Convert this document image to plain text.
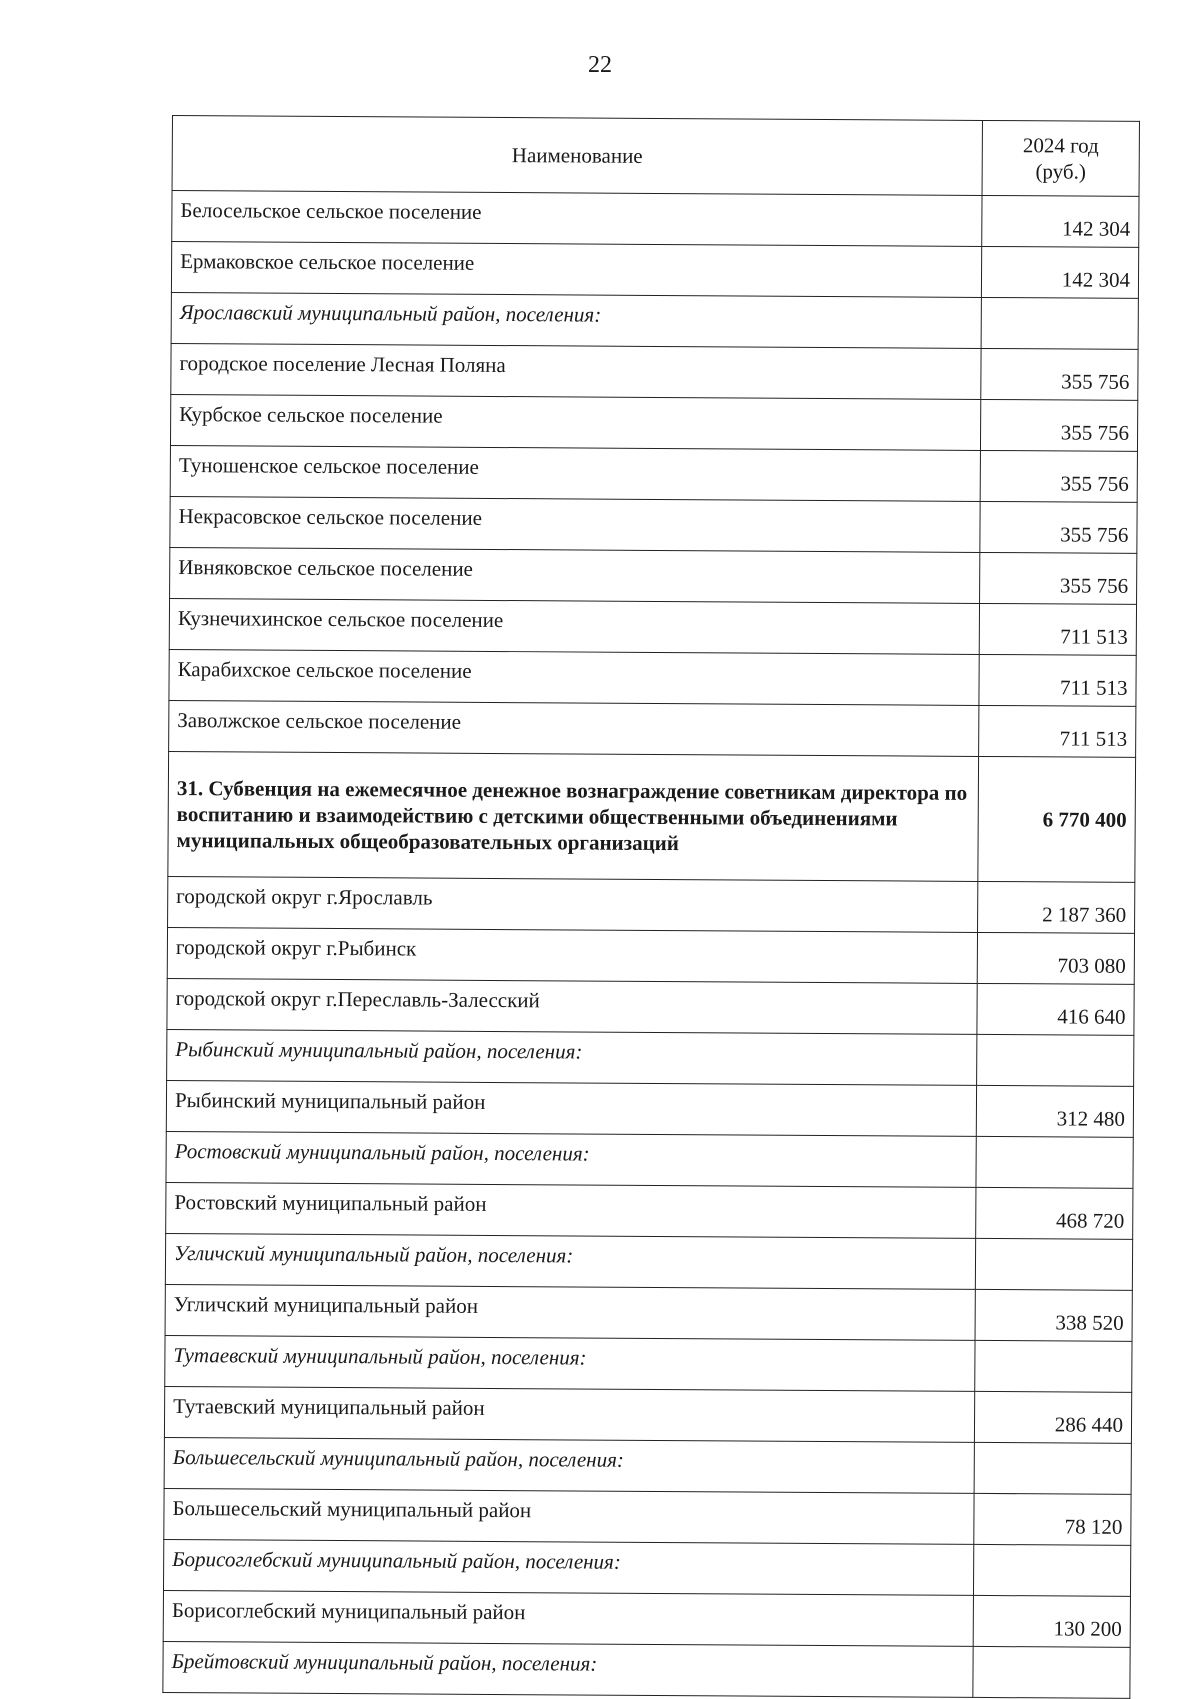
22
Наименование	2024 год
(руб.)
Белосельское сельское поселение	142 304
Ермаковское сельское поселение	142 304
Ярославский муниципальный район, поселения:	
городское поселение Лесная Поляна	355 756
Курбское сельское поселение	355 756
Туношенское сельское поселение	355 756
Некрасовское сельское поселение	355 756
Ивняковское сельское поселение	355 756
Кузнечихинское сельское поселение	711 513
Карабихское сельское поселение	711 513
Заволжское сельское поселение	711 513
31. Субвенция на ежемесячное денежное вознаграждение советникам директора по воспитанию и взаимодействию с детскими общественными объединениями муниципальных общеобразовательных организаций	6 770 400
городской округ г.Ярославль	2 187 360
городской округ г.Рыбинск	703 080
городской округ г.Переславль-Залесский	416 640
Рыбинский муниципальный район, поселения:	
Рыбинский муниципальный район	312 480
Ростовский муниципальный район, поселения:	
Ростовский муниципальный район	468 720
Угличский муниципальный район, поселения:	
Угличский муниципальный район	338 520
Тутаевский муниципальный район, поселения:	
Тутаевский муниципальный район	286 440
Большесельский муниципальный район, поселения:	
Большесельский муниципальный район	78 120
Борисоглебский муниципальный район, поселения:	
Борисоглебский муниципальный район	130 200
Брейтовский муниципальный район, поселения:	
